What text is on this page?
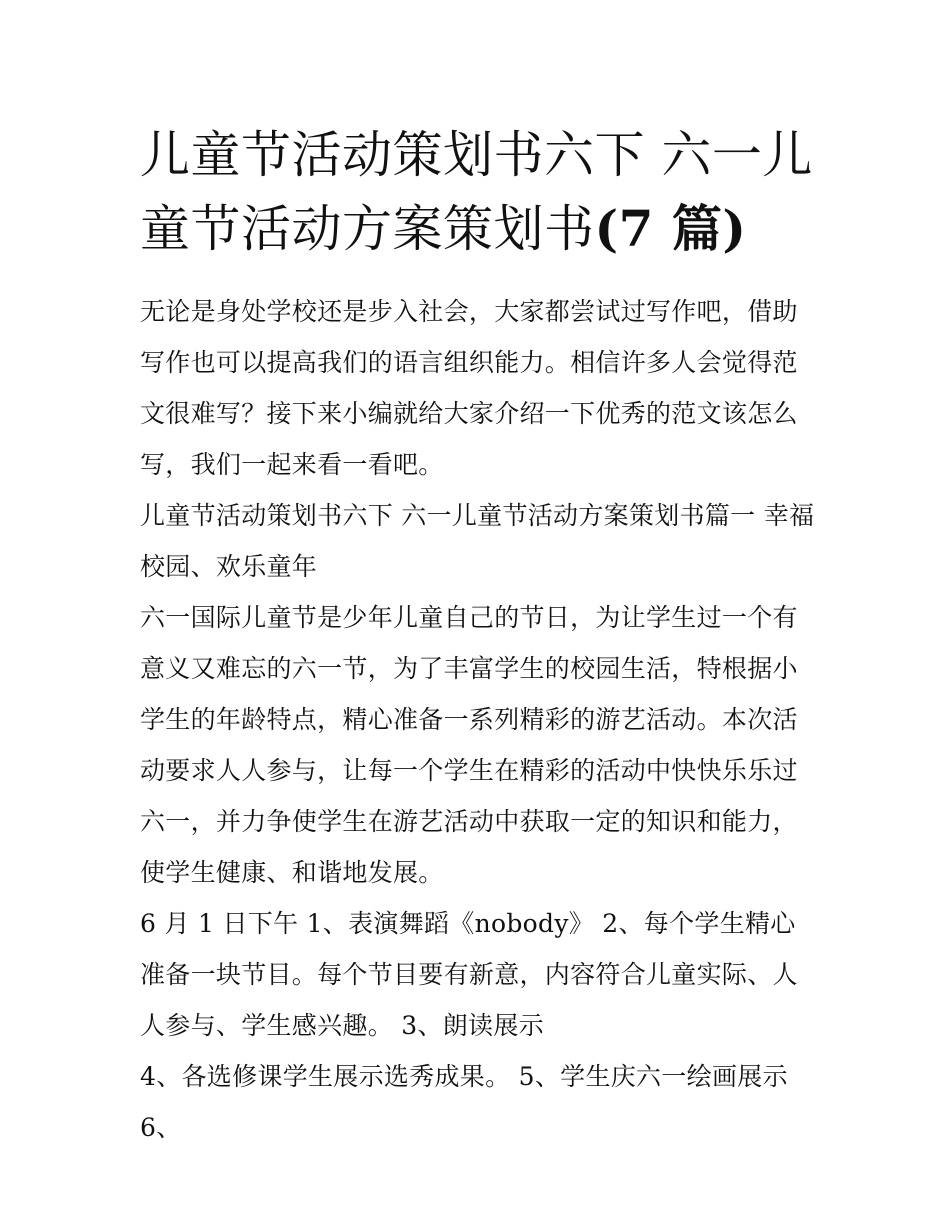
儿童节活动策划书六下 六一儿童节活动方案策划书(7 篇)

无论是身处学校还是步入社会，大家都尝试过写作吧，借助写作也可以提高我们的语言组织能力。相信许多人会觉得范文很难写？接下来小编就给大家介绍一下优秀的范文该怎么写，我们一起来看一看吧。

儿童节活动策划书六下 六一儿童节活动方案策划书篇一 幸福校园、欢乐童年

六一国际儿童节是少年儿童自己的节日，为让学生过一个有意义又难忘的六一节，为了丰富学生的校园生活，特根据小学生的年龄特点，精心准备一系列精彩的游艺活动。本次活动要求人人参与，让每一个学生在精彩的活动中快快乐乐过六一，并力争使学生在游艺活动中获取一定的知识和能力，使学生健康、和谐地发展。

6 月 1 日下午 1、表演舞蹈《nobody》 2、每个学生精心准备一块节目。每个节目要有新意，内容符合儿童实际、人人参与、学生感兴趣。 3、朗读展示

4、各选修课学生展示选秀成果。 5、学生庆六一绘画展示 6、
